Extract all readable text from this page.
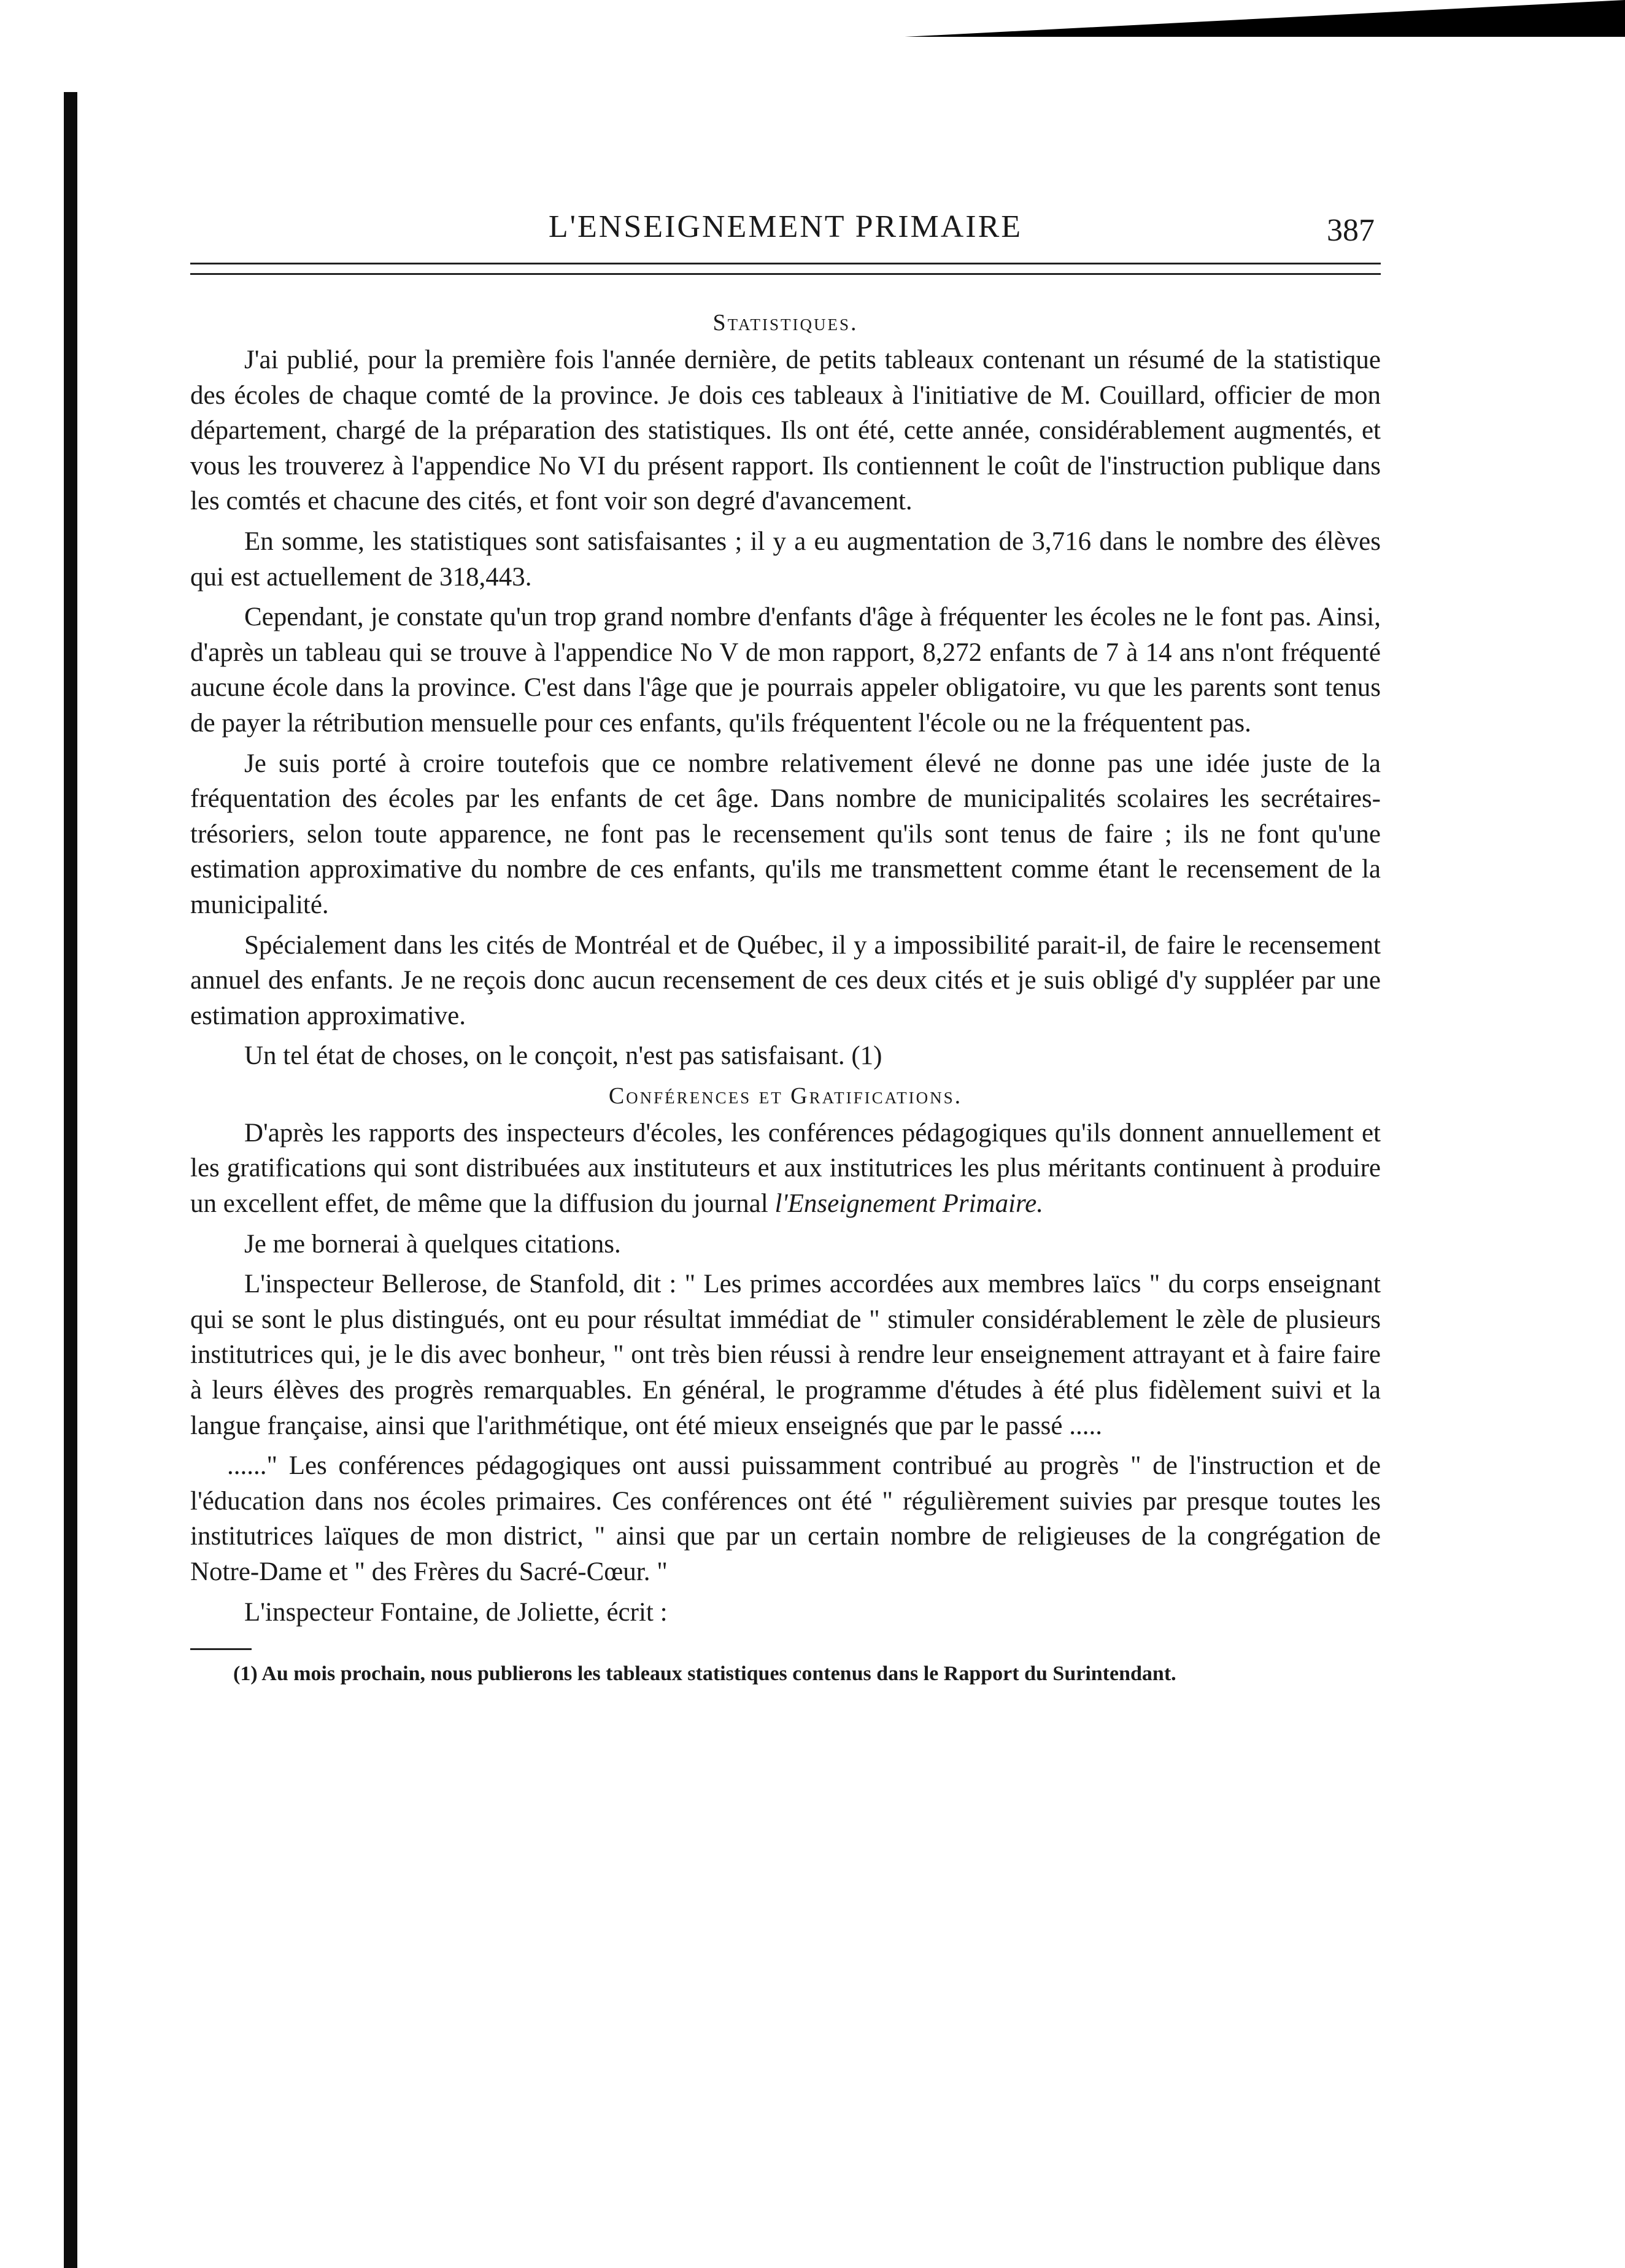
L'ENSEIGNEMENT PRIMAIRE	387
Statistiques.

J'ai publié, pour la première fois l'année dernière, de petits tableaux contenant un résumé de la statistique des écoles de chaque comté de la province. Je dois ces tableaux à l'initiative de M. Couillard, officier de mon département, chargé de la préparation des statistiques. Ils ont été, cette année, considérablement augmentés, et vous les trouverez à l'appendice No VI du présent rapport. Ils contiennent le coût de l'instruction publique dans les comtés et chacune des cités, et font voir son degré d'avancement.

En somme, les statistiques sont satisfaisantes ; il y a eu augmentation de 3,716 dans le nombre des élèves qui est actuellement de 318,443.

Cependant, je constate qu'un trop grand nombre d'enfants d'âge à fréquenter les écoles ne le font pas. Ainsi, d'après un tableau qui se trouve à l'appendice No V de mon rapport, 8,272 enfants de 7 à 14 ans n'ont fréquenté aucune école dans la province. C'est dans l'âge que je pourrais appeler obligatoire, vu que les parents sont tenus de payer la rétribution mensuelle pour ces enfants, qu'ils fréquentent l'école ou ne la fréquentent pas.

Je suis porté à croire toutefois que ce nombre relativement élevé ne donne pas une idée juste de la fréquentation des écoles par les enfants de cet âge. Dans nombre de municipalités scolaires les secrétaires-trésoriers, selon toute apparence, ne font pas le recensement qu'ils sont tenus de faire ; ils ne font qu'une estimation approximative du nombre de ces enfants, qu'ils me transmettent comme étant le recensement de la municipalité.

Spécialement dans les cités de Montréal et de Québec, il y a impossibilité parait-il, de faire le recensement annuel des enfants. Je ne reçois donc aucun recensement de ces deux cités et je suis obligé d'y suppléer par une estimation approximative.

Un tel état de choses, on le conçoit, n'est pas satisfaisant. (1)

Conférences et Gratifications.

D'après les rapports des inspecteurs d'écoles, les conférences pédagogiques qu'ils donnent annuellement et les gratifications qui sont distribuées aux instituteurs et aux institutrices les plus méritants continuent à produire un excellent effet, de même que la diffusion du journal l'Enseignement Primaire.

Je me bornerai à quelques citations.

L'inspecteur Bellerose, de Stanfold, dit : " Les primes accordées aux membres laïcs " du corps enseignant qui se sont le plus distingués, ont eu pour résultat immédiat de " stimuler considérablement le zèle de plusieurs institutrices qui, je le dis avec bonheur, " ont très bien réussi à rendre leur enseignement attrayant et à faire faire à leurs élèves des progrès remarquables. En général, le programme d'études à été plus fidèlement suivi et la langue française, ainsi que l'arithmétique, ont été mieux enseignés que par le passé .....

......" Les conférences pédagogiques ont aussi puissamment contribué au progrès " de l'instruction et de l'éducation dans nos écoles primaires. Ces conférences ont été " régulièrement suivies par presque toutes les institutrices laïques de mon district, " ainsi que par un certain nombre de religieuses de la congrégation de Notre-Dame et " des Frères du Sacré-Cœur. "

L'inspecteur Fontaine, de Joliette, écrit :

(1) Au mois prochain, nous publierons les tableaux statistiques contenus dans le Rapport du Surintendant.
